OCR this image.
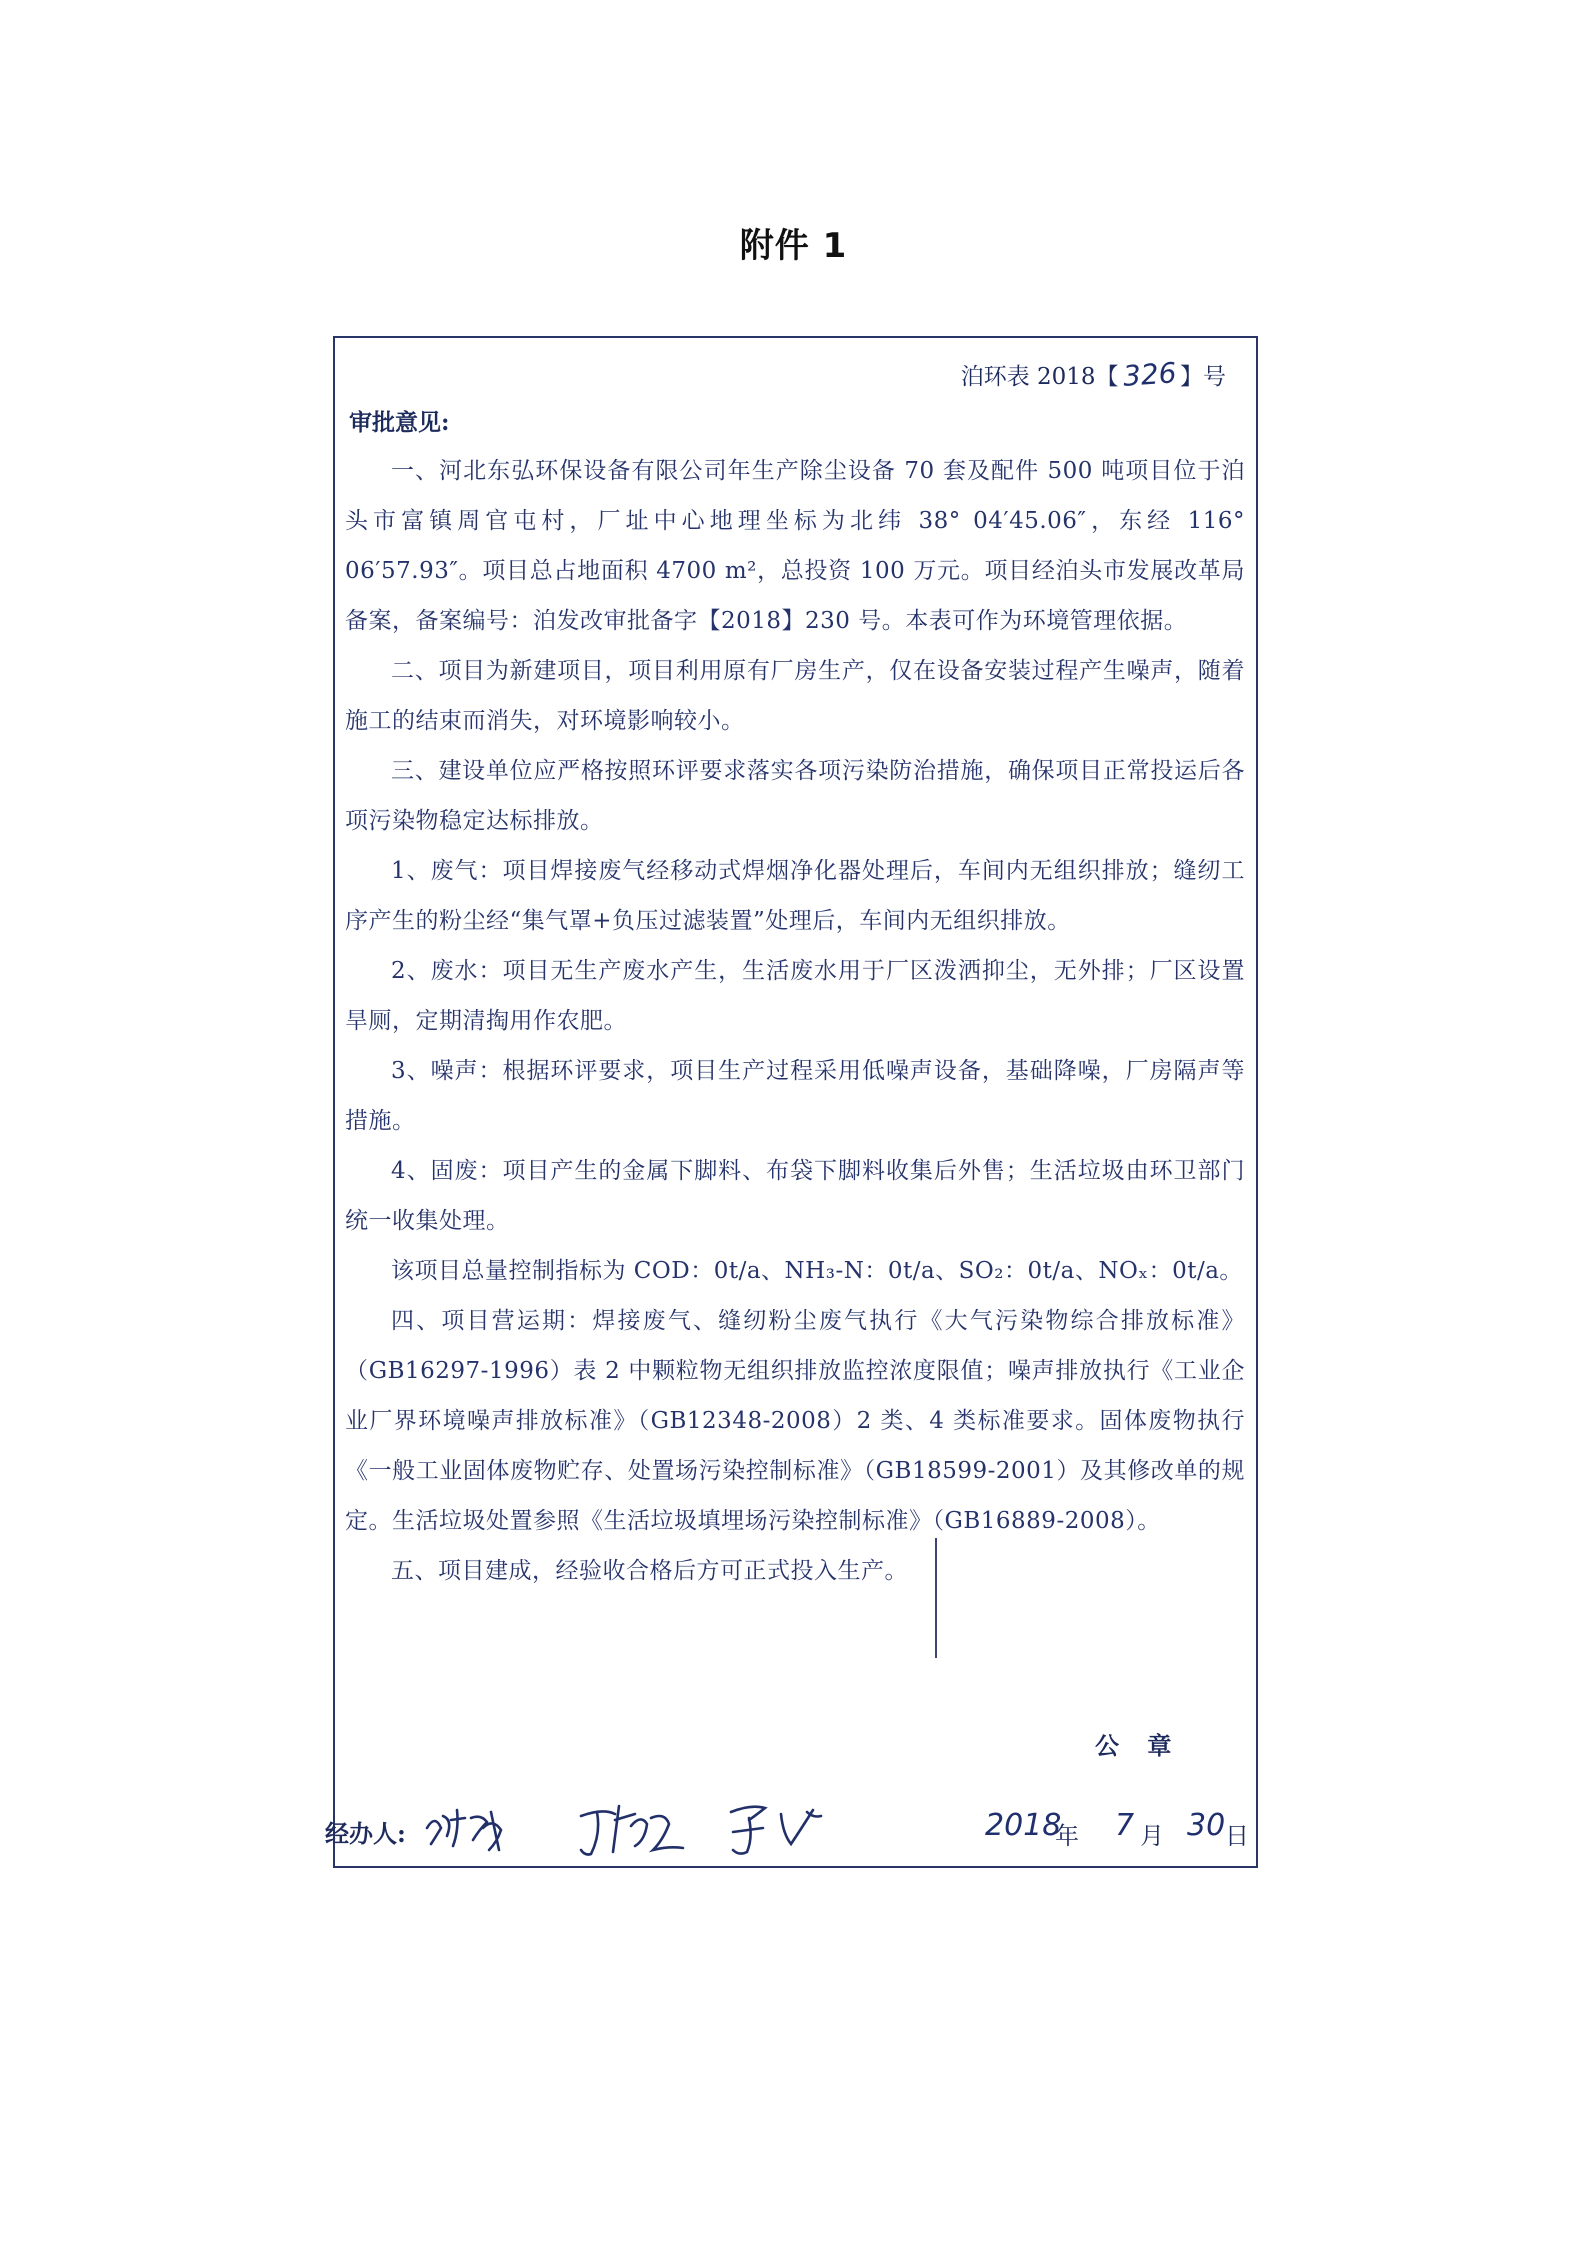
附件 1
泊环表 2018【 326 】号
审批意见:

一、河北东弘环保设备有限公司年生产除尘设备 70 套及配件 500 吨项目位于泊头市富镇周官屯村，厂址中心地理坐标为北纬 38° 04′45.06″，东经 116° 06′57.93″。项目总占地面积 4700 m²，总投资 100 万元。项目经泊头市发展改革局备案，备案编号：泊发改审批备字【2018】230 号。本表可作为环境管理依据。

二、项目为新建项目，项目利用原有厂房生产，仅在设备安装过程产生噪声，随着施工的结束而消失，对环境影响较小。

三、建设单位应严格按照环评要求落实各项污染防治措施，确保项目正常投运后各项污染物稳定达标排放。

1、废气：项目焊接废气经移动式焊烟净化器处理后，车间内无组织排放；缝纫工序产生的粉尘经“集气罩+负压过滤装置”处理后，车间内无组织排放。

2、废水：项目无生产废水产生，生活废水用于厂区泼洒抑尘，无外排；厂区设置旱厕，定期清掏用作农肥。

3、噪声：根据环评要求，项目生产过程采用低噪声设备，基础降噪，厂房隔声等措施。

4、固废：项目产生的金属下脚料、布袋下脚料收集后外售；生活垃圾由环卫部门统一收集处理。

该项目总量控制指标为 COD：0t/a、NH₃-N：0t/a、SO₂：0t/a、NOₓ：0t/a。

四、项目营运期：焊接废气、缝纫粉尘废气执行《大气污染物综合排放标准》（GB16297-1996）表 2 中颗粒物无组织排放监控浓度限值；噪声排放执行《工业企业厂界环境噪声排放标准》（GB12348-2008）2 类、4 类标准要求。固体废物执行《一般工业固体废物贮存、处置场污染控制标准》（GB18599-2001）及其修改单的规定。生活垃圾处置参照《生活垃圾填埋场污染控制标准》（GB16889-2008）。

五、项目建成，经验收合格后方可正式投入生产。

公 章
经办人:	2018
年 7 月 30 日
